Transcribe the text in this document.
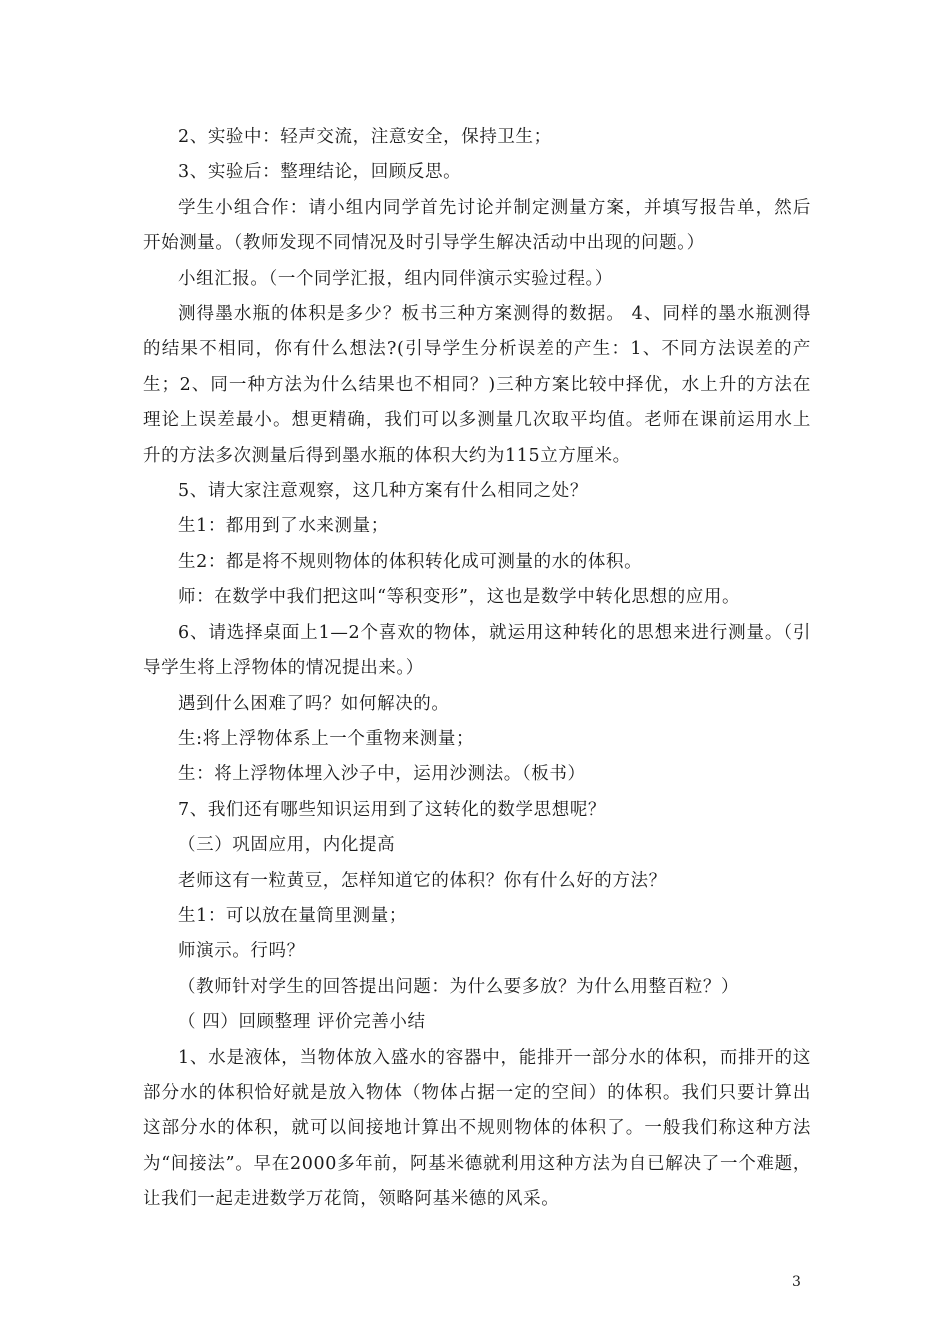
2、实验中：轻声交流，注意安全，保持卫生；

3、实验后：整理结论，回顾反思。

学生小组合作：请小组内同学首先讨论并制定测量方案，并填写报告单，然后开始测量。（教师发现不同情况及时引导学生解决活动中出现的问题。）

小组汇报。（一个同学汇报，组内同伴演示实验过程。）

测得墨水瓶的体积是多少？板书三种方案测得的数据。 4、同样的墨水瓶测得的结果不相同，你有什么想法?(引导学生分析误差的产生：1、不同方法误差的产生；2、同一种方法为什么结果也不相同？)三种方案比较中择优，水上升的方法在理论上误差最小。想更精确，我们可以多测量几次取平均值。老师在课前运用水上升的方法多次测量后得到墨水瓶的体积大约为115立方厘米。

5、请大家注意观察，这几种方案有什么相同之处？

生1：都用到了水来测量；

生2：都是将不规则物体的体积转化成可测量的水的体积。

师：在数学中我们把这叫“等积变形”，这也是数学中转化思想的应用。

6、请选择桌面上1—2个喜欢的物体，就运用这种转化的思想来进行测量。（引导学生将上浮物体的情况提出来。）

遇到什么困难了吗？如何解决的。

生:将上浮物体系上一个重物来测量；

生：将上浮物体埋入沙子中，运用沙测法。（板书）

7、我们还有哪些知识运用到了这转化的数学思想呢？

（三）巩固应用，内化提高

老师这有一粒黄豆，怎样知道它的体积？你有什么好的方法？

生1：可以放在量筒里测量；

师演示。行吗？

（教师针对学生的回答提出问题：为什么要多放？为什么用整百粒？）

（ 四）回顾整理 评价完善小结

1、水是液体，当物体放入盛水的容器中，能排开一部分水的体积，而排开的这部分水的体积恰好就是放入物体（物体占据一定的空间）的体积。我们只要计算出这部分水的体积，就可以间接地计算出不规则物体的体积了。一般我们称这种方法为“间接法”。早在2000多年前，阿基米德就利用这种方法为自已解决了一个难题，让我们一起走进数学万花筒，领略阿基米德的风采。

3
